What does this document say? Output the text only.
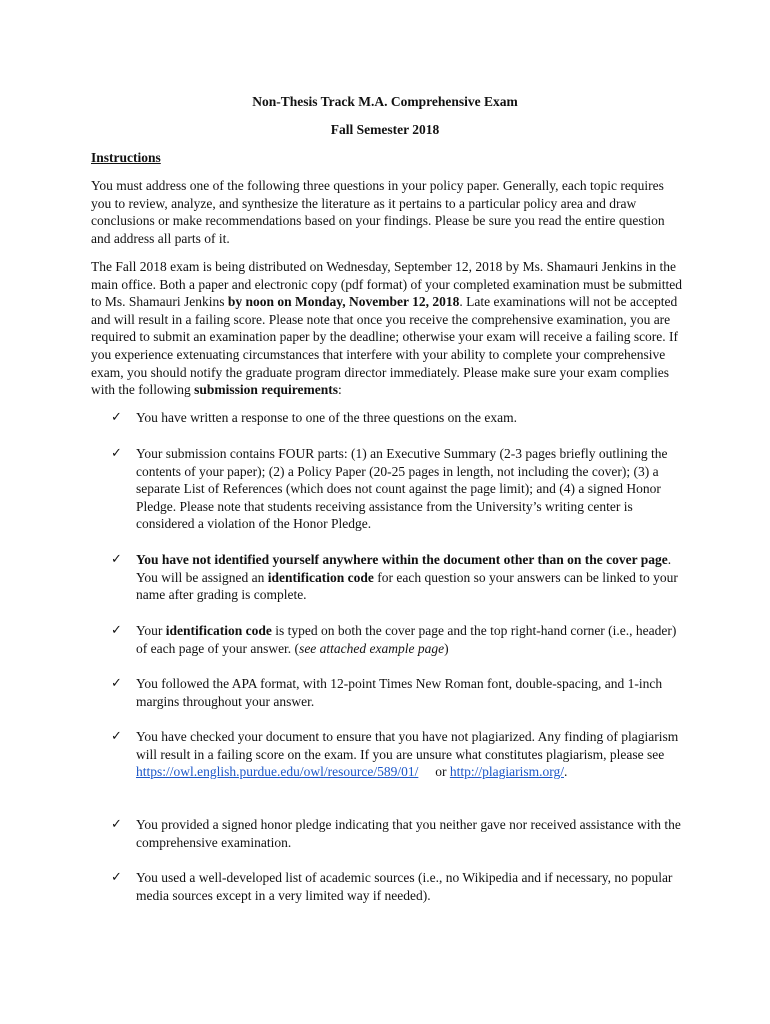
Non-Thesis Track M.A. Comprehensive Exam
Fall Semester 2018
Instructions

You must address one of the following three questions in your policy paper. Generally, each topic requires you to review, analyze, and synthesize the literature as it pertains to a particular policy area and draw conclusions or make recommendations based on your findings. Please be sure you read the entire question and address all parts of it.

The Fall 2018 exam is being distributed on Wednesday, September 12, 2018 by Ms. Shamauri Jenkins in the main office. Both a paper and electronic copy (pdf format) of your completed examination must be submitted to Ms. Shamauri Jenkins by noon on Monday, November 12, 2018. Late examinations will not be accepted and will result in a failing score. Please note that once you receive the comprehensive examination, you are required to submit an examination paper by the deadline; otherwise your exam will receive a failing score. If you experience extenuating circumstances that interfere with your ability to complete your comprehensive exam, you should notify the graduate program director immediately. Please make sure your exam complies with the following submission requirements:

✓ You have written a response to one of the three questions on the exam.

✓ Your submission contains FOUR parts: (1) an Executive Summary (2-3 pages briefly outlining the contents of your paper); (2) a Policy Paper (20-25 pages in length, not including the cover); (3) a separate List of References (which does not count against the page limit); and (4) a signed Honor Pledge. Please note that students receiving assistance from the University’s writing center is considered a violation of the Honor Pledge.

✓ You have not identified yourself anywhere within the document other than on the cover page. You will be assigned an identification code for each question so your answers can be linked to your name after grading is complete.

✓ Your identification code is typed on both the cover page and the top right-hand corner (i.e., header) of each page of your answer. (see attached example page)

✓ You followed the APA format, with 12-point Times New Roman font, double-spacing, and 1-inch margins throughout your answer.

✓ You have checked your document to ensure that you have not plagiarized. Any finding of plagiarism will result in a failing score on the exam. If you are unsure what constitutes plagiarism, please see https://owl.english.purdue.edu/owl/resource/589/01/     or http://plagiarism.org/.

✓ You provided a signed honor pledge indicating that you neither gave nor received assistance with the comprehensive examination.

✓ You used a well-developed list of academic sources (i.e., no Wikipedia and if necessary, no popular media sources except in a very limited way if needed).
